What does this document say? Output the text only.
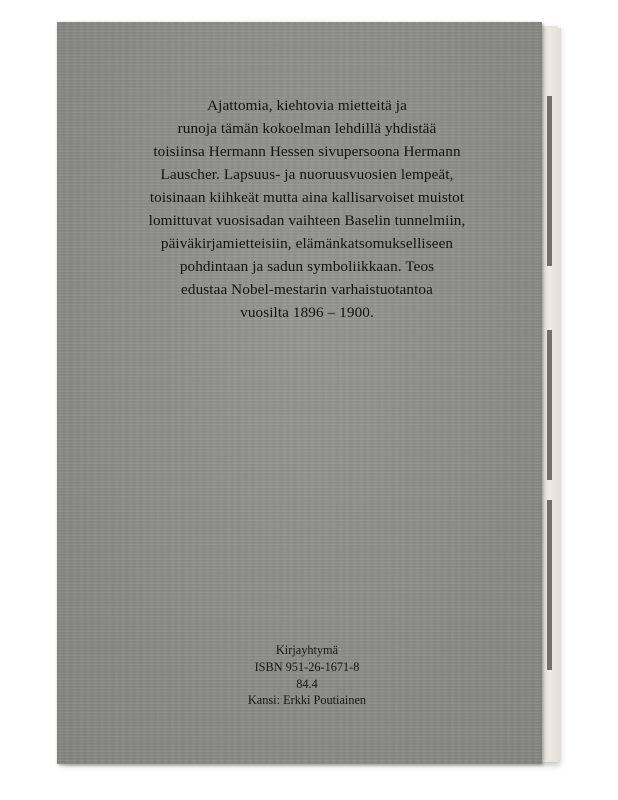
Ajattomia, kiehtovia mietteitä ja
runoja tämän kokoelman lehdillä yhdistää
toisiinsa Hermann Hessen sivupersoona Hermann
Lauscher. Lapsuus- ja nuoruusvuosien lempeät,
toisinaan kiihkeät mutta aina kallisarvoiset muistot
lomittuvat vuosisadan vaihteen Baselin tunnelmiin,
päiväkirjamietteisiin, elämänkatsomukselliseen
pohdintaan ja sadun symboliikkaan. Teos
edustaa Nobel-mestarin varhaistuotantoa
vuosilta 1896 – 1900.
Kirjayhtymä
ISBN 951-26-1671-8
84.4
Kansi: Erkki Poutiainen
